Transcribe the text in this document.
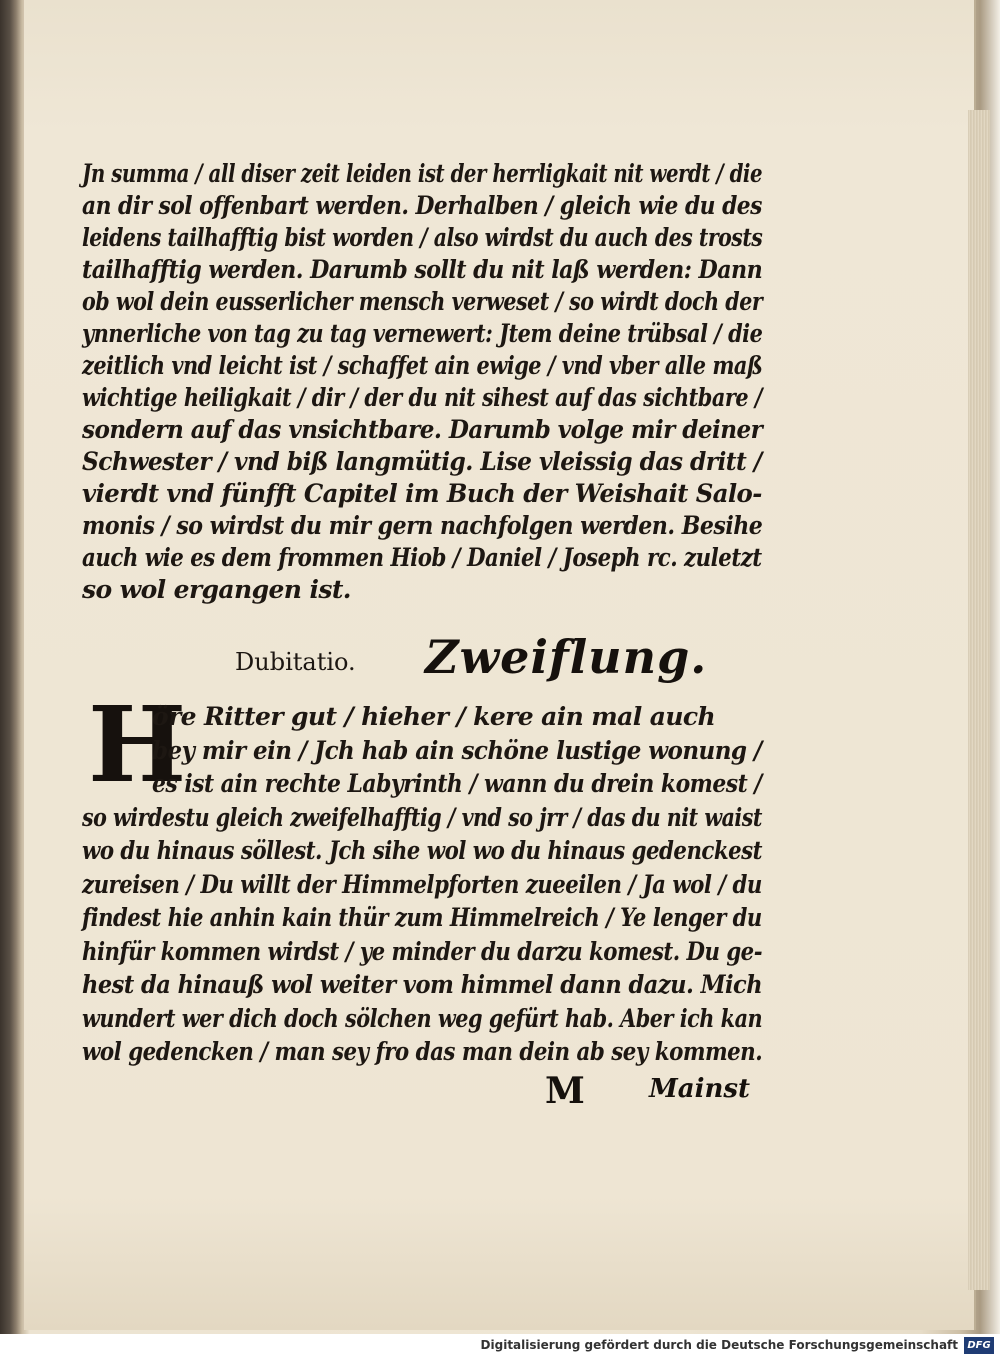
Jn summa / all diser zeit leiden ist der herrligkait nit werdt / die
an dir sol offenbart werden. Derhalben / gleich wie du des
leidens tailhafftig bist worden / also wirdst du auch des trosts
tailhafftig werden. Darumb sollt du nit laß werden: Dann
ob wol dein eusserlicher mensch verweset / so wirdt doch der
ynnerliche von tag zu tag vernewert: Jtem deine trübsal / die
zeitlich vnd leicht ist / schaffet ain ewige / vnd vber alle maß
wichtige heiligkait / dir / der du nit sihest auf das sichtbare /
sondern auf das vnsichtbare. Darumb volge mir deiner
Schwester / vnd biß langmütig. Lise vleissig das dritt /
vierdt vnd fünfft Capitel im Buch der Weishait Salo-
monis / so wirdst du mir gern nachfolgen werden. Besihe
auch wie es dem frommen Hiob / Daniel / Joseph rc. zuletzt
so wol ergangen ist.
Dubitatio. Zweiflung.
H
öre Ritter gut / hieher / kere ain mal auch
bey mir ein / Jch hab ain schöne lustige wonung /
es ist ain rechte Labyrinth / wann du drein komest /
so wirdestu gleich zweifelhafftig / vnd so jrr / das du nit waist
wo du hinaus söllest. Jch sihe wol wo du hinaus gedenckest
zureisen / Du willt der Himmelpforten zueeilen / Ja wol / du
findest hie anhin kain thür zum Himmelreich / Ye lenger du
hinfür kommen wirdst / ye minder du darzu komest. Du ge-
hest da hinauß wol weiter vom himmel dann dazu. Mich
wundert wer dich doch sölchen weg gefürt hab. Aber ich kan
wol gedencken / man sey fro das man dein ab sey kommen.
M Mainst
Digitalisierung gefördert durch die Deutsche Forschungsgemeinschaft DFG
